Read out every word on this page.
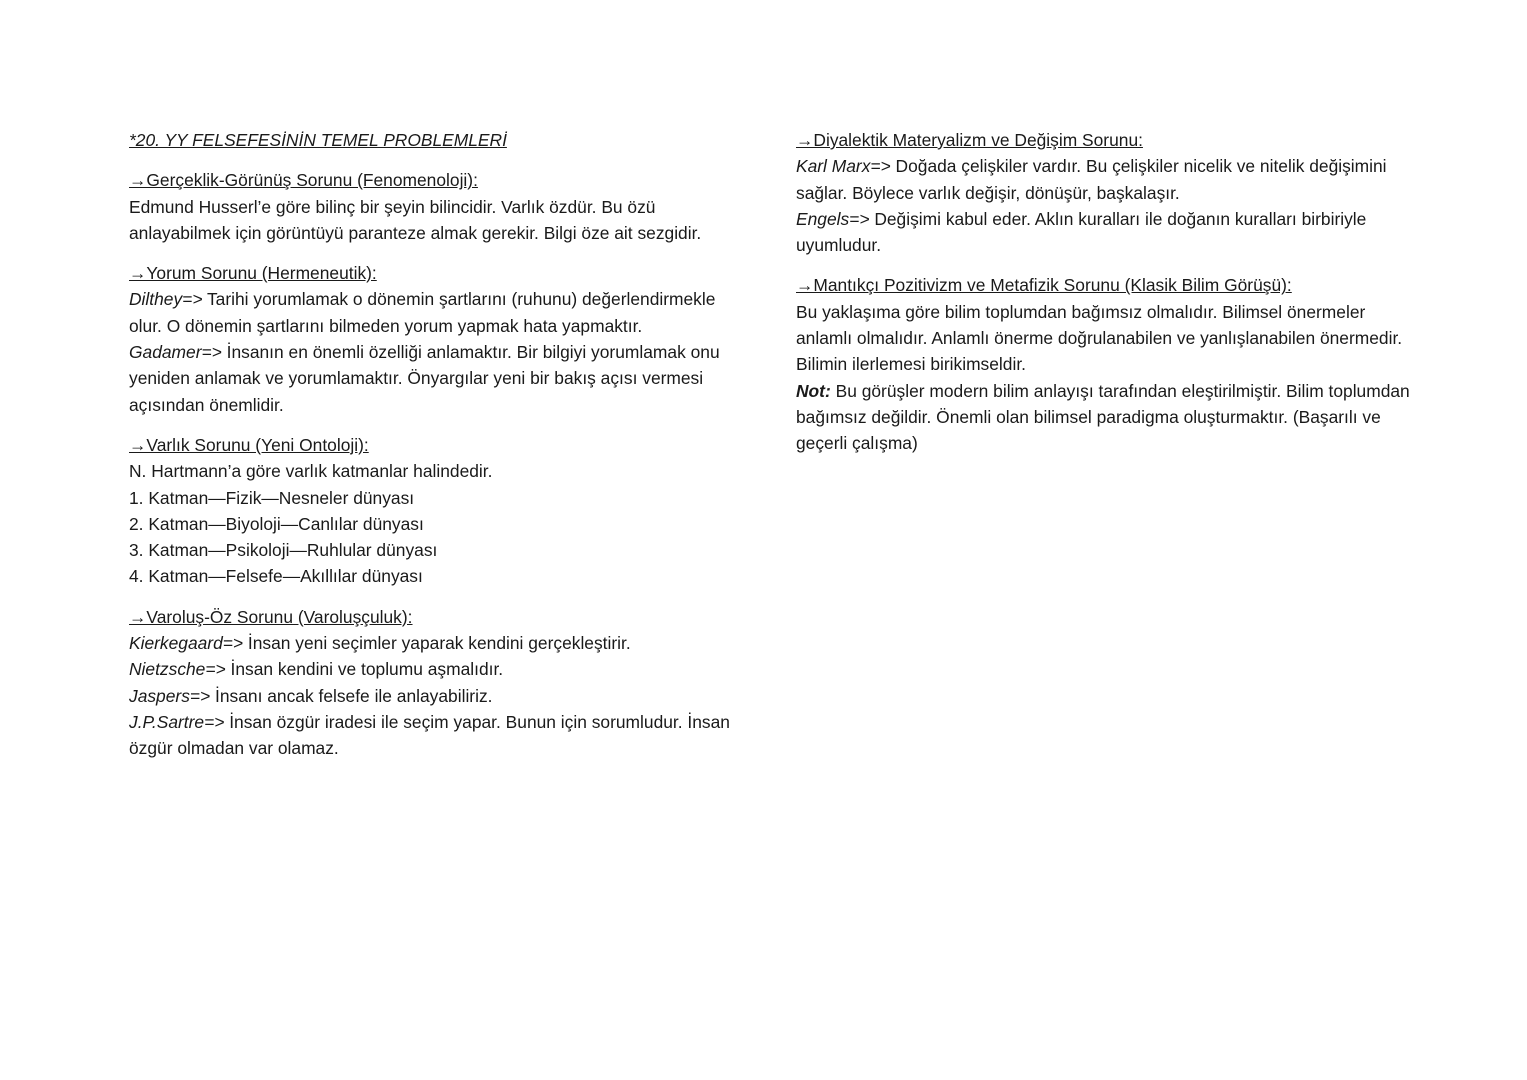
*20. YY FELSEFESİNİN TEMEL PROBLEMLERİ
→Gerçeklik-Görünüş Sorunu (Fenomenoloji):
Edmund Husserl’e göre bilinç bir şeyin bilincidir. Varlık özdür. Bu özü anlayabilmek için görüntüyü paranteze almak gerekir. Bilgi öze ait sezgidir.
→Yorum Sorunu (Hermeneutik):
Dilthey=> Tarihi yorumlamak o dönemin şartlarını (ruhunu) değerlendirmekle olur. O dönemin şartlarını bilmeden yorum yapmak hata yapmaktır.
Gadamer=> İnsanın en önemli özelliği anlamaktır. Bir bilgiyi yorumlamak onu yeniden anlamak ve yorumlamaktır. Önyargılar yeni bir bakış açısı vermesi açısından önemlidir.
→Varlık Sorunu (Yeni Ontoloji):
N. Hartmann’a göre varlık katmanlar halindedir.
1. Katman—Fizik—Nesneler dünyası
2. Katman—Biyoloji—Canlılar dünyası
3. Katman—Psikoloji—Ruhlular dünyası
4. Katman—Felsefe—Akıllılar dünyası
→Varoluş-Öz Sorunu (Varoluşçuluk):
Kierkegaard=> İnsan yeni seçimler yaparak kendini gerçekleştirir.
Nietzsche=> İnsan kendini ve toplumu aşmalıdır.
Jaspers=> İnsanı ancak felsefe ile anlayabiliriz.
J.P.Sartre=> İnsan özgür iradesi ile seçim yapar. Bunun için sorumludur. İnsan özgür olmadan var olamaz.
→Diyalektik Materyalizm ve Değişim Sorunu:
Karl Marx=> Doğada çelişkiler vardır. Bu çelişkiler nicelik ve nitelik değişimini sağlar. Böylece varlık değişir, dönüşür, başkalaşır.
Engels=> Değişimi kabul eder. Aklın kuralları ile doğanın kuralları birbiriyle uyumludur.
→Mantıkçı Pozitivizm ve Metafizik Sorunu (Klasik Bilim Görüşü):
Bu yaklaşıma göre bilim toplumdan bağımsız olmalıdır. Bilimsel önermeler anlamlı olmalıdır. Anlamlı önerme doğrulanabilen ve yanlışlanabilen önermedir. Bilimin ilerlemesi birikimseldir.
Not: Bu görüşler modern bilim anlayışı tarafından eleştirilmiştir. Bilim toplumdan bağımsız değildir. Önemli olan bilimsel paradigma oluşturmaktır. (Başarılı ve geçerli çalışma)
